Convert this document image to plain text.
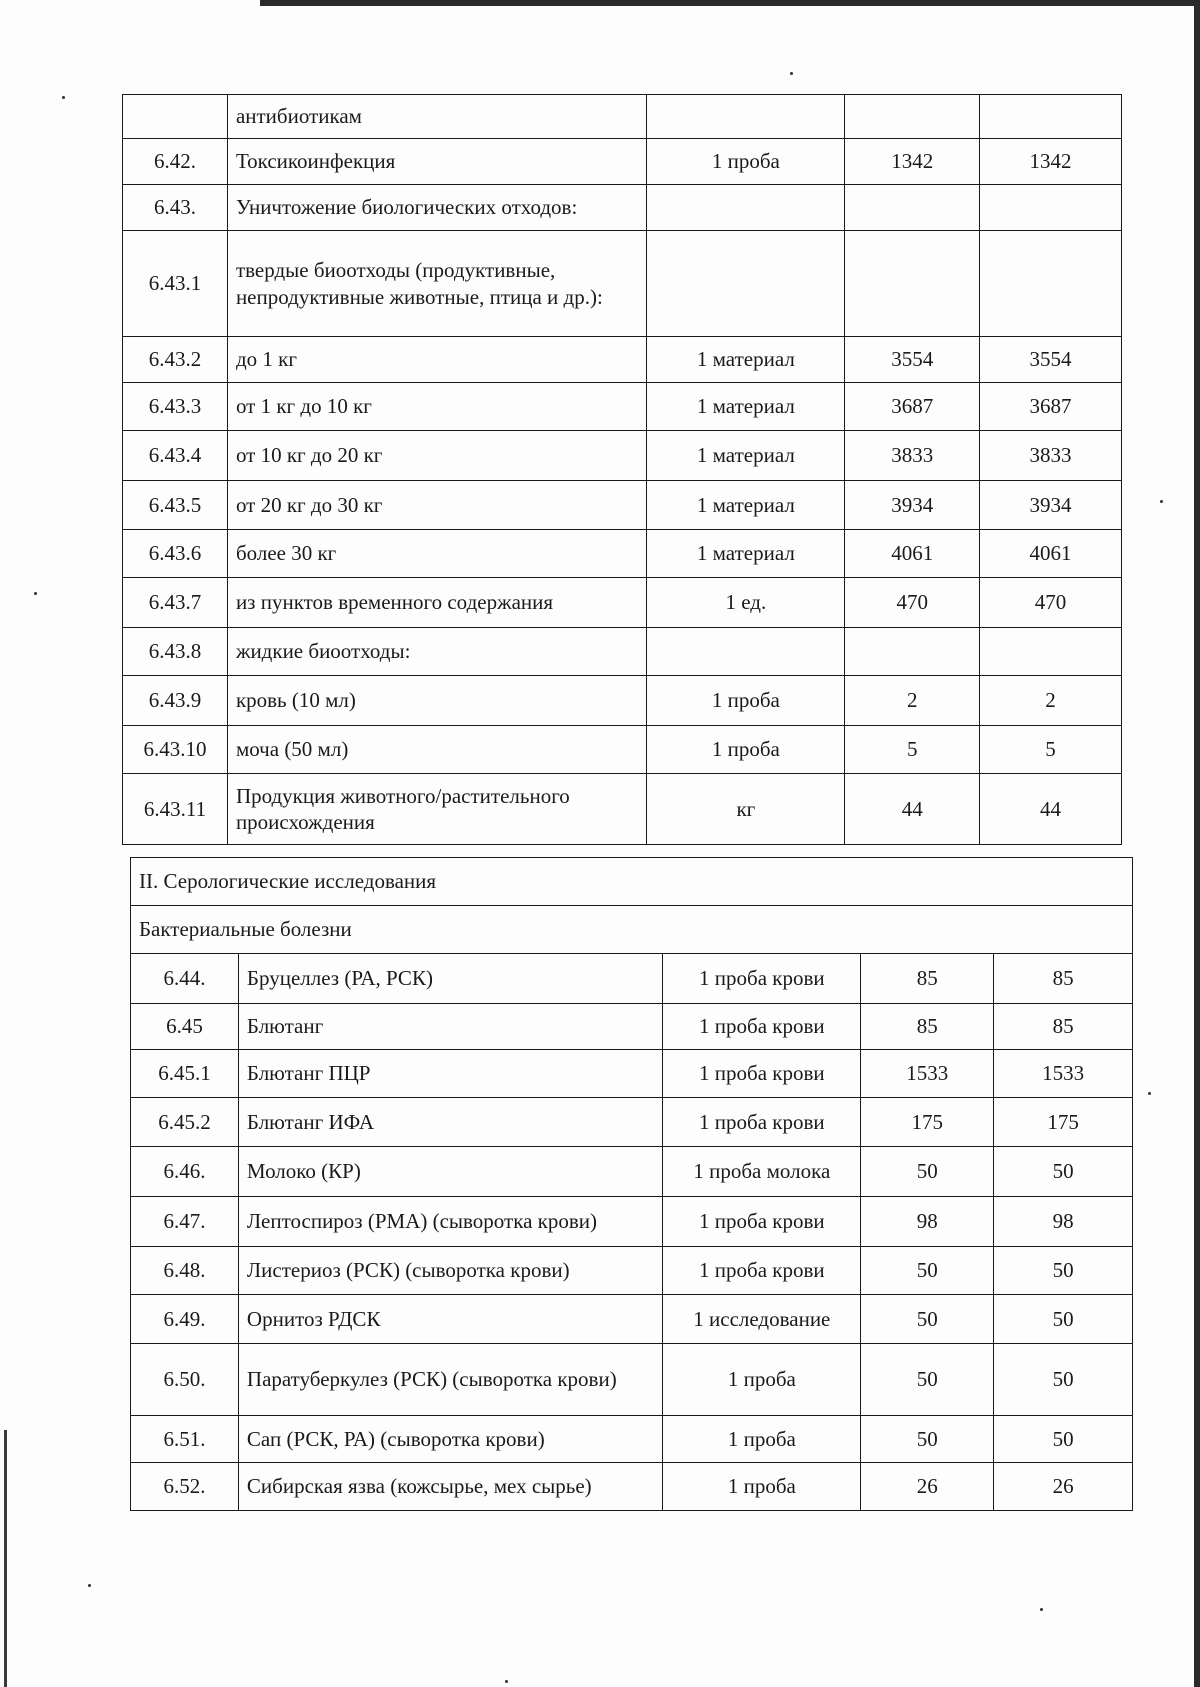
	антибиотикам			
6.42.	Токсикоинфекция	1 проба	1342	1342
6.43.	Уничтожение биологических отходов:			
6.43.1	твердые биоотходы (продуктивные, непродуктивные животные, птица и др.):			
6.43.2	до 1 кг	1 материал	3554	3554
6.43.3	от 1 кг до 10 кг	1 материал	3687	3687
6.43.4	от 10 кг до 20 кг	1 материал	3833	3833
6.43.5	от 20 кг до 30 кг	1 материал	3934	3934
6.43.6	более 30 кг	1 материал	4061	4061
6.43.7	из пунктов временного содержания	1 ед.	470	470
6.43.8	жидкие биоотходы:			
6.43.9	кровь (10 мл)	1 проба	2	2
6.43.10	моча (50 мл)	1 проба	5	5
6.43.11	Продукция животного/растительного происхождения	кг	44	44
II. Серологические исследования				
Бактериальные болезни				
6.44.	Бруцеллез (РА, РСК)	1 проба крови	85	85
6.45	Блютанг	1 проба крови	85	85
6.45.1	Блютанг ПЦР	1 проба крови	1533	1533
6.45.2	Блютанг ИФА	1 проба крови	175	175
6.46.	Молоко (КР)	1 проба молока	50	50
6.47.	Лептоспироз (РМА) (сыворотка крови)	1 проба крови	98	98
6.48.	Листериоз (РСК) (сыворотка крови)	1 проба крови	50	50
6.49.	Орнитоз РДСК	1 исследование	50	50
6.50.	Паратуберкулез (РСК) (сыворотка крови)	1 проба	50	50
6.51.	Сап (РСК, РА) (сыворотка крови)	1 проба	50	50
6.52.	Сибирская язва (кожсырье, мех сырье)	1 проба	26	26
